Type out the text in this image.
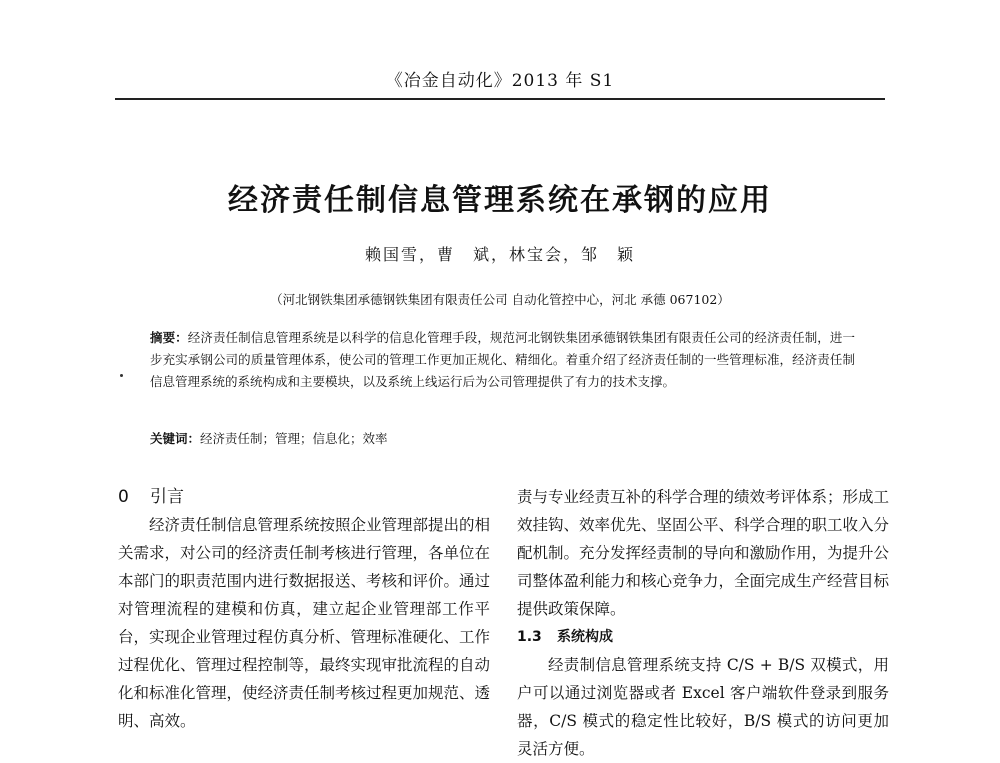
《冶金自动化》2013 年 S1
经济责任制信息管理系统在承钢的应用
赖国雪，曹　斌，林宝会，邹　颖
（河北钢铁集团承德钢铁集团有限责任公司 自动化管控中心，河北 承德 067102）
摘要：经济责任制信息管理系统是以科学的信息化管理手段，规范河北钢铁集团承德钢铁集团有限责任公司的经济责任制，进一步充实承钢公司的质量管理体系，使公司的管理工作更加正规化、精细化。着重介绍了经济责任制的一些管理标准，经济责任制信息管理系统的系统构成和主要模块，以及系统上线运行后为公司管理提供了有力的技术支撑。
关键词：经济责任制；管理；信息化；效率
0 引言
经济责任制信息管理系统按照企业管理部提出的相关需求，对公司的经济责任制考核进行管理，各单位在本部门的职责范围内进行数据报送、考核和评价。通过对管理流程的建模和仿真，建立起企业管理部工作平台，实现企业管理过程仿真分析、管理标准硬化、工作过程优化、管理过程控制等，最终实现审批流程的自动化和标准化管理，使经济责任制考核过程更加规范、透明、高效。
责与专业经责互补的科学合理的绩效考评体系；形成工效挂钩、效率优先、坚固公平、科学合理的职工收入分配机制。充分发挥经责制的导向和激励作用，为提升公司整体盈利能力和核心竞争力，全面完成生产经营目标提供政策保障。
1.3 系统构成
经责制信息管理系统支持 C/S + B/S 双模式，用户可以通过浏览器或者 Excel 客户端软件登录到服务器，C/S 模式的稳定性比较好，B/S 模式的访问更加灵活方便。
